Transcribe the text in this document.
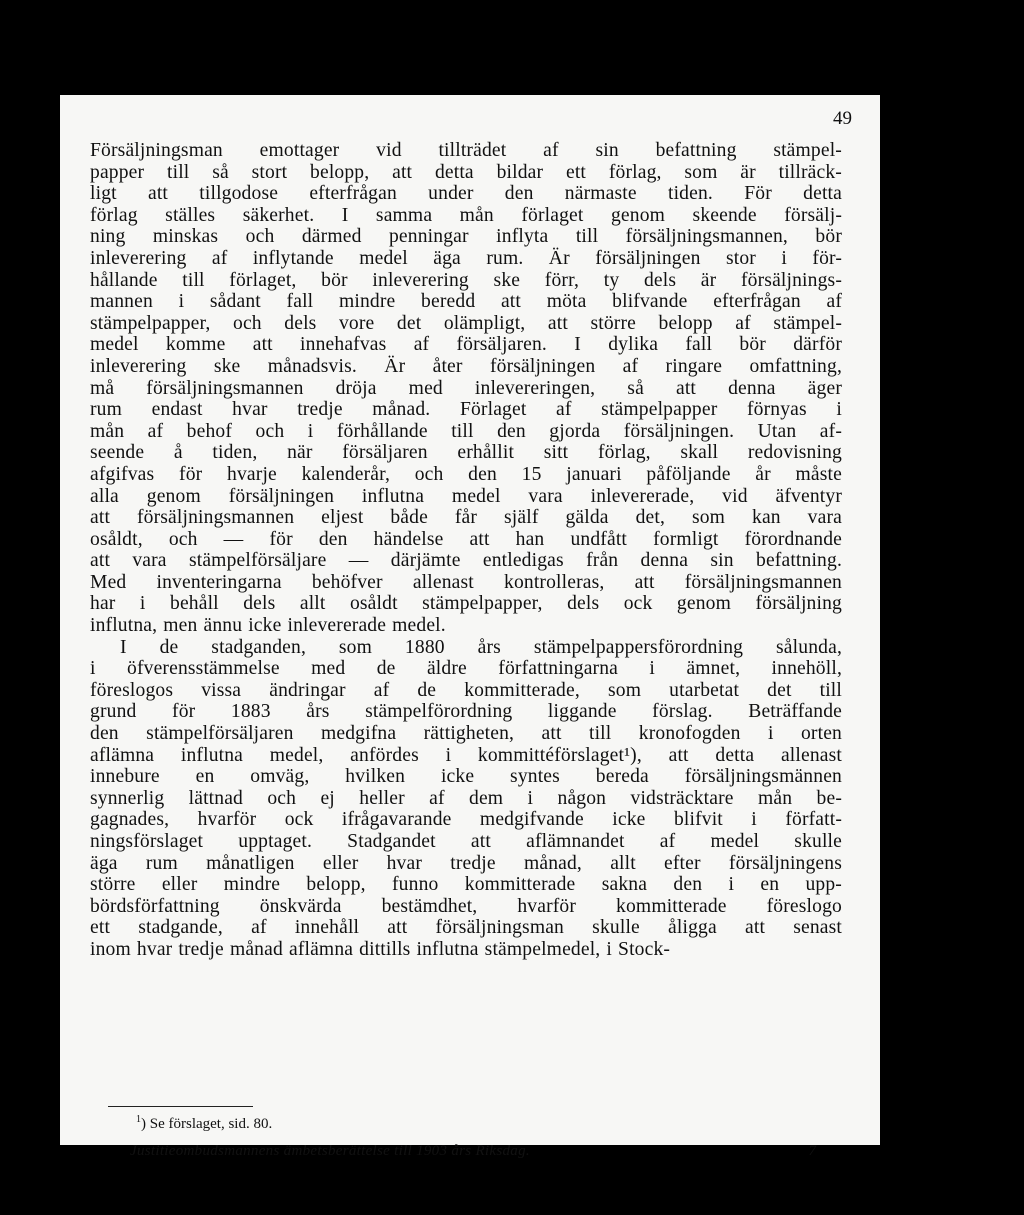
49
Försäljningsman emottager vid tillträdet af sin befattning stämpel-
papper till så stort belopp, att detta bildar ett förlag, som är tillräck-
ligt att tillgodose efterfrågan under den närmaste tiden. För detta
förlag ställes säkerhet. I samma mån förlaget genom skeende försälj-
ning minskas och därmed penningar inflyta till försäljningsmannen, bör
inleverering af inflytande medel äga rum. Är försäljningen stor i för-
hållande till förlaget, bör inleverering ske förr, ty dels är försäljnings-
mannen i sådant fall mindre beredd att möta blifvande efterfrågan af
stämpelpapper, och dels vore det olämpligt, att större belopp af stämpel-
medel komme att innehafvas af försäljaren. I dylika fall bör därför
inleverering ske månadsvis. Är åter försäljningen af ringare omfattning,
må försäljningsmannen dröja med inlevereringen, så att denna äger
rum endast hvar tredje månad. Förlaget af stämpelpapper förnyas i
mån af behof och i förhållande till den gjorda försäljningen. Utan af-
seende å tiden, när försäljaren erhållit sitt förlag, skall redovisning
afgifvas för hvarje kalenderår, och den 15 januari påföljande år måste
alla genom försäljningen influtna medel vara inlevererade, vid äfventyr
att försäljningsmannen eljest både får själf gälda det, som kan vara
osåldt, och — för den händelse att han undfått formligt förordnande
att vara stämpelförsäljare — därjämte entledigas från denna sin befattning.
Med inventeringarna behöfver allenast kontrolleras, att försäljningsmannen
har i behåll dels allt osåldt stämpelpapper, dels ock genom försäljning
influtna, men ännu icke inlevererade medel.
I de stadganden, som 1880 års stämpelpappersförordning sålunda,
i öfverensstämmelse med de äldre författningarna i ämnet, innehöll,
föreslogos vissa ändringar af de kommitterade, som utarbetat det till
grund för 1883 års stämpelförordning liggande förslag. Beträffande
den stämpelförsäljaren medgifna rättigheten, att till kronofogden i orten
aflämna influtna medel, anfördes i kommittéförslaget¹), att detta allenast
innebure en omväg, hvilken icke syntes bereda försäljningsmännen
synnerlig lättnad och ej heller af dem i någon vidsträcktare mån be-
gagnades, hvarför ock ifrågavarande medgifvande icke blifvit i författ-
ningsförslaget upptaget. Stadgandet att aflämnandet af medel skulle
äga rum månatligen eller hvar tredje månad, allt efter försäljningens
större eller mindre belopp, funno kommitterade sakna den i en upp-
bördsförfattning önskvärda bestämdhet, hvarför kommitterade föreslogo
ett stadgande, af innehåll att försäljningsman skulle åligga att senast
inom hvar tredje månad aflämna dittills influtna stämpelmedel, i Stock-
$^1$) Se förslaget, sid. 80.
Justitieombudsmannens ämbetsberättelse till 1903 års Riksdag.	7
